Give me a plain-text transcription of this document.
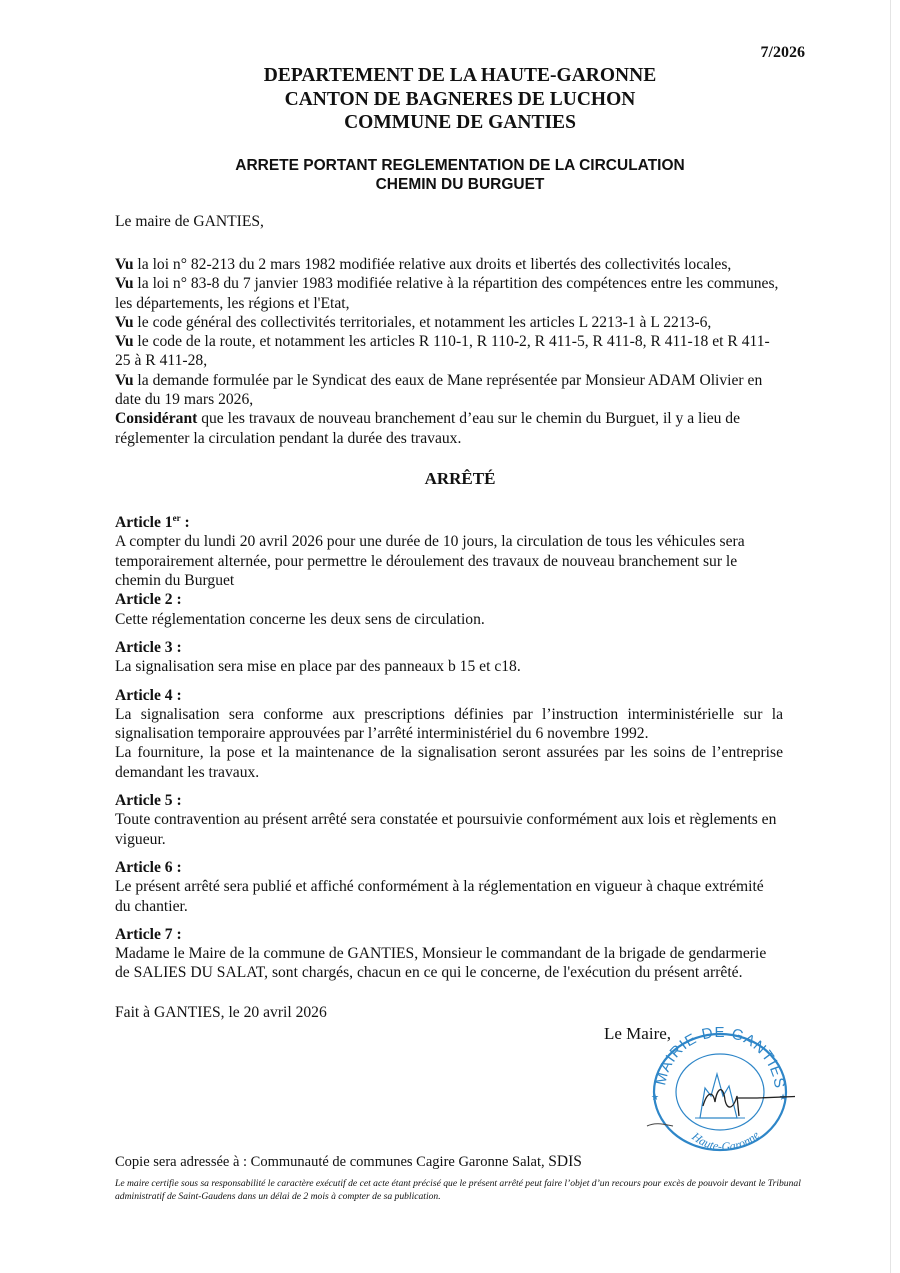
7/2026
DEPARTEMENT DE LA HAUTE-GARONNE
CANTON DE BAGNERES DE LUCHON
COMMUNE DE GANTIES
ARRETE PORTANT REGLEMENTATION DE LA CIRCULATION
CHEMIN DU BURGUET
Le maire de GANTIES,
Vu la loi n° 82-213 du 2 mars 1982 modifiée relative aux droits et libertés des collectivités locales,
Vu la loi n° 83-8 du 7 janvier 1983 modifiée relative à la répartition des compétences entre les communes, les départements, les régions et l'Etat,
Vu le code général des collectivités territoriales, et notamment les articles L 2213-1 à L 2213-6,
Vu le code de la route, et notamment les articles R 110-1, R 110-2, R 411-5, R 411-8, R 411-18 et R 411-25 à R 411-28,
Vu la demande formulée par le Syndicat des eaux de Mane représentée par Monsieur ADAM Olivier en date du 19 mars 2026,
Considérant que les travaux de nouveau branchement d’eau sur le chemin du Burguet, il y a lieu de réglementer la circulation pendant la durée des travaux.
ARRÊTÉ
Article 1er :
A compter du lundi 20 avril 2026 pour une durée de 10 jours, la circulation de tous les véhicules sera temporairement alternée, pour permettre le déroulement des travaux de nouveau branchement sur le chemin du Burguet
Article 2 :
Cette réglementation concerne les deux sens de circulation.
Article 3 :
La signalisation sera mise en place par des panneaux b 15 et c18.
Article 4 :
La signalisation sera conforme aux prescriptions définies par l’instruction interministérielle sur la signalisation temporaire approuvées par l’arrêté interministériel du 6 novembre 1992.
La fourniture, la pose et la maintenance de la signalisation seront assurées par les soins de l’entreprise demandant les travaux.
Article 5 :
Toute contravention au présent arrêté sera constatée et poursuivie conformément aux lois et règlements en vigueur.
Article 6 :
Le présent arrêté sera publié et affiché conformément à la réglementation en vigueur à chaque extrémité du chantier.
Article 7 :
Madame le Maire de la commune de GANTIES, Monsieur le commandant de la brigade de gendarmerie de SALIES DU SALAT, sont chargés, chacun en ce qui le concerne, de l'exécution du présent arrêté.
Fait à GANTIES, le 20 avril 2026
Le Maire,
★	★
MAIRIE DE GANTIES
Haute-Garonne
Copie sera adressée à : Communauté de communes Cagire Garonne Salat, SDIS
Le maire certifie sous sa responsabilité le caractère exécutif de cet acte étant précisé que le présent arrêté peut faire l’objet d’un recours pour excès de pouvoir devant le Tribunal administratif de Saint-Gaudens dans un délai de 2 mois à compter de sa publication.
